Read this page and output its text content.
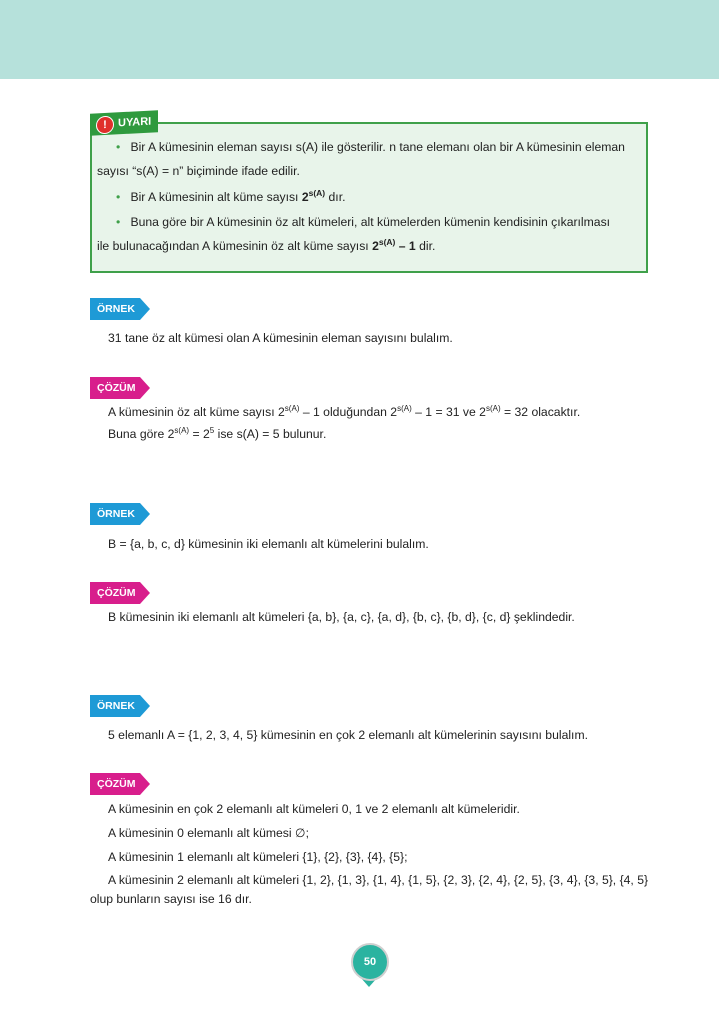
!	UYARI
• Bir A kümesinin eleman sayısı s(A) ile gösterilir. n tane elemanı olan bir A kümesinin eleman
sayısı “s(A) = n” biçiminde ifade edilir.
• Bir A kümesinin alt küme sayısı $2^{s(A)}$ dır.
• Buna göre bir A kümesinin öz alt kümeleri, alt kümelerden kümenin kendisinin çıkarılması
ile bulunacağından A kümesinin öz alt küme sayısı $2^{s(A)} - 1$ dir.
ÖRNEK
31 tane öz alt kümesi olan A kümesinin eleman sayısını bulalım.
ÇÖZÜM
A kümesinin öz alt küme sayısı $2^{s(A)} - 1$ olduğundan $2^{s(A)} - 1 = 31$ ve $2^{s(A)} = 32$ olacaktır.
Buna göre $2^{s(A)} = 2^5$ ise s(A) = 5 bulunur.
ÖRNEK
B = {a, b, c, d} kümesinin iki elemanlı alt kümelerini bulalım.
ÇÖZÜM
B kümesinin iki elemanlı alt kümeleri {a, b}, {a, c}, {a, d}, {b, c}, {b, d}, {c, d} şeklindedir.
ÖRNEK
5 elemanlı A = {1, 2, 3, 4, 5} kümesinin en çok 2 elemanlı alt kümelerinin sayısını bulalım.
ÇÖZÜM
A kümesinin en çok 2 elemanlı alt kümeleri 0, 1 ve 2 elemanlı alt kümeleridir.
A kümesinin 0 elemanlı alt kümesi ∅;
A kümesinin 1 elemanlı alt kümeleri {1}, {2}, {3}, {4}, {5};
A kümesinin 2 elemanlı alt kümeleri {1, 2}, {1, 3}, {1, 4}, {1, 5}, {2, 3}, {2, 4}, {2, 5}, {3, 4}, {3, 5}, {4, 5}
olup bunların sayısı ise 16 dır.
50
